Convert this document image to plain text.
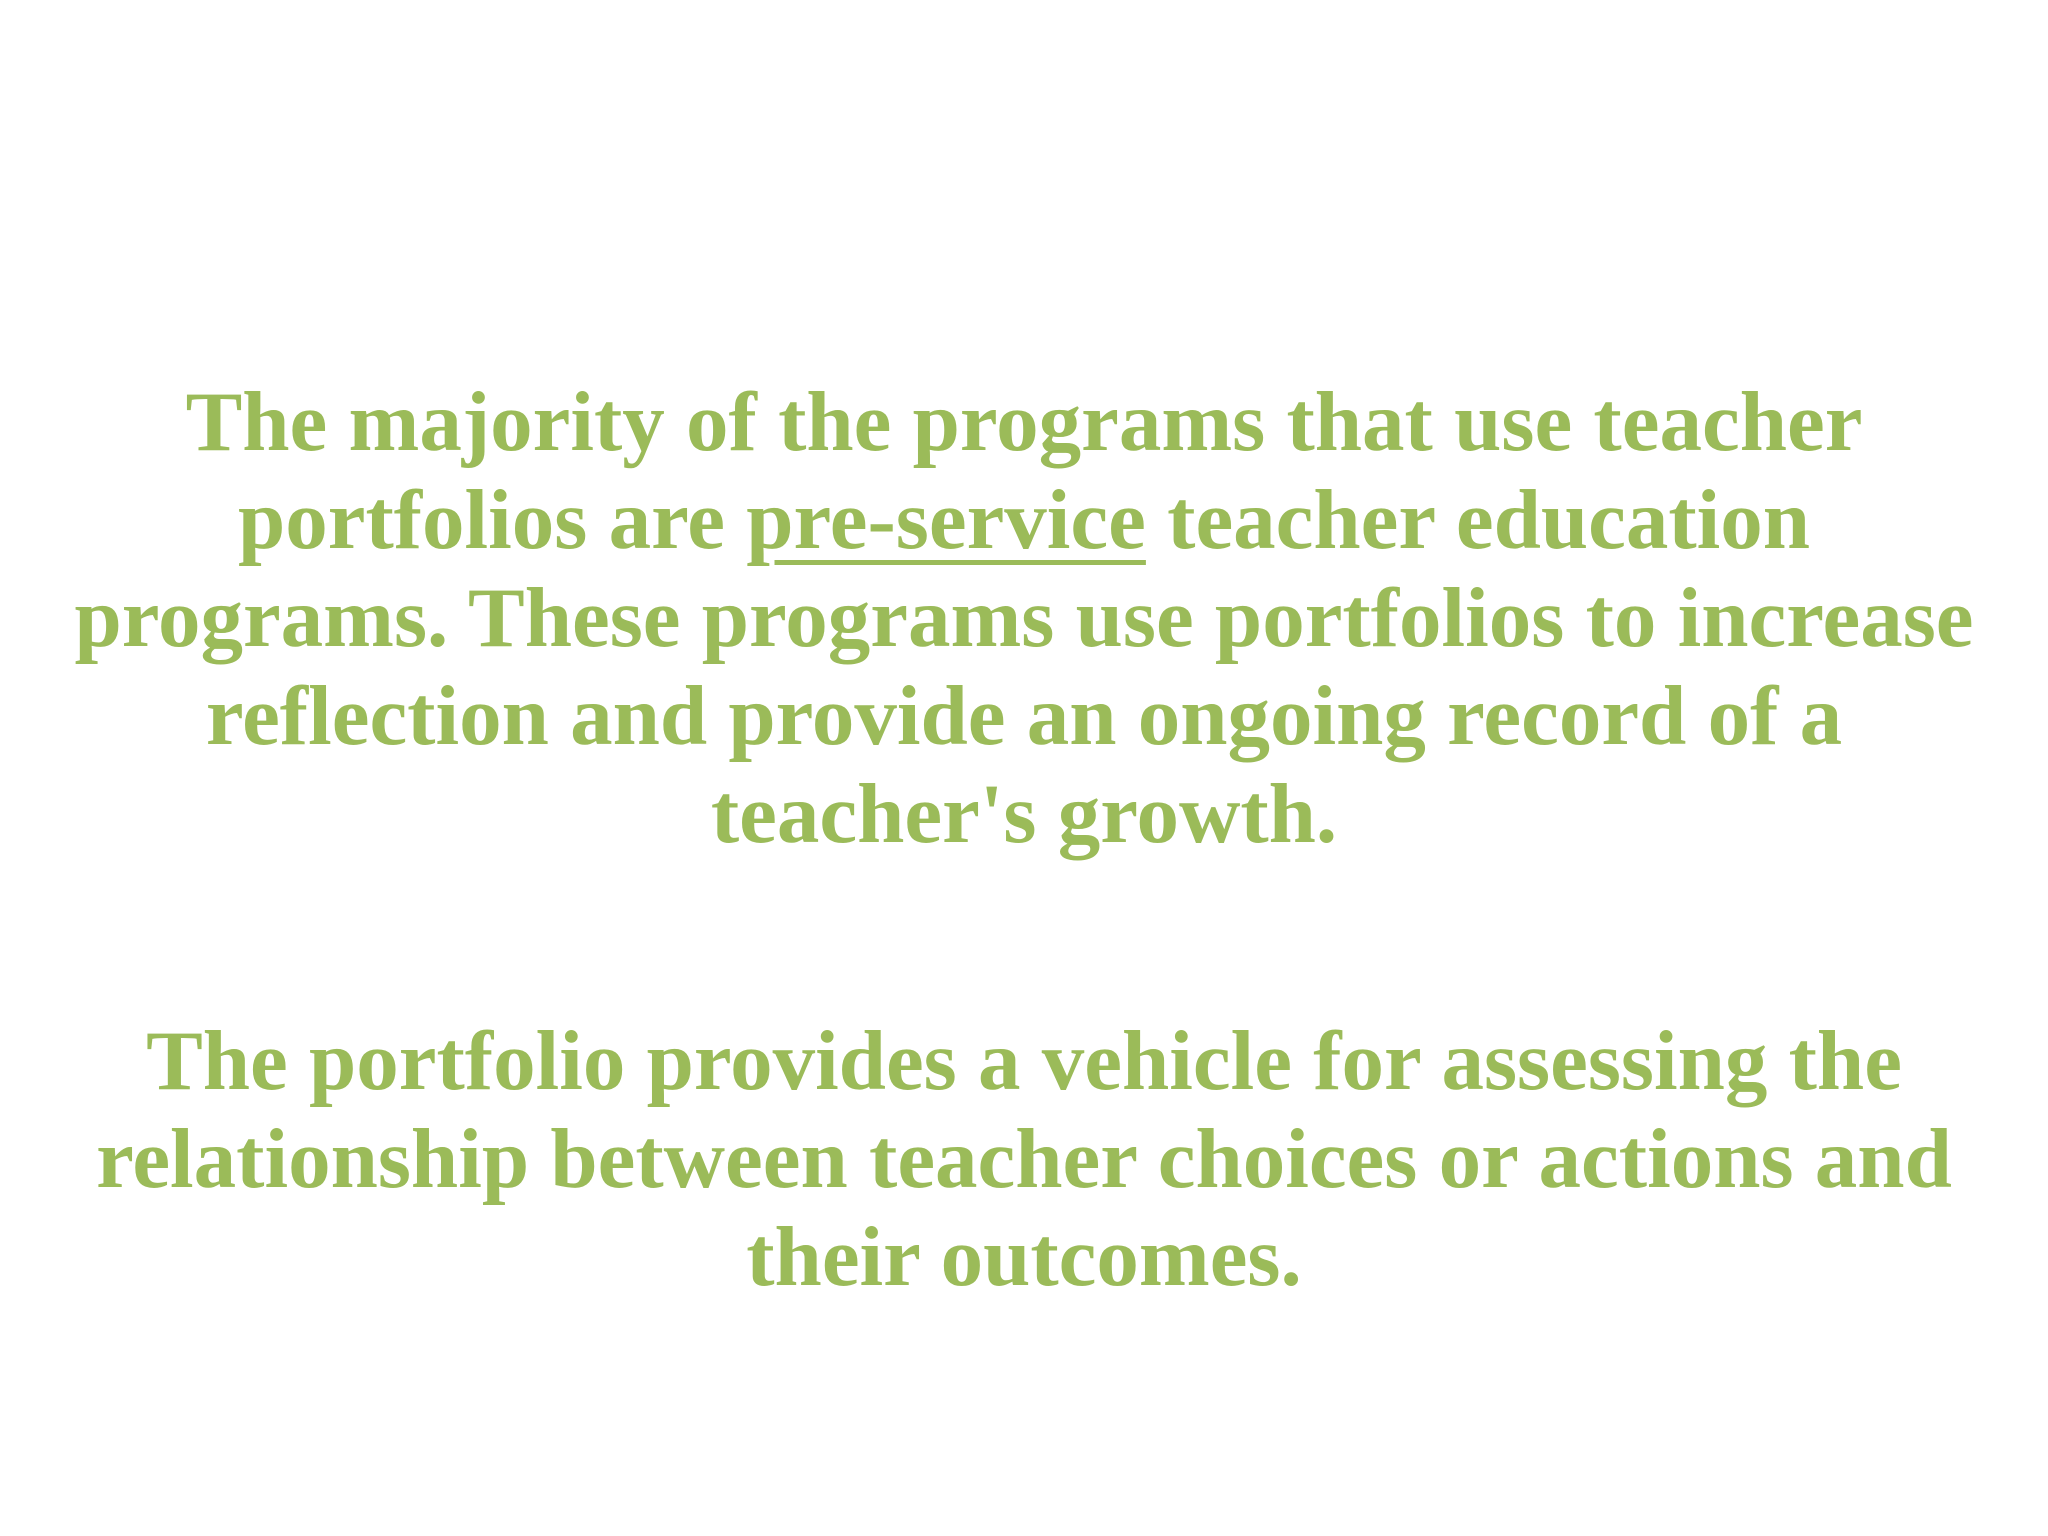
The majority of the programs that use teacher portfolios are pre-service teacher education programs. These programs use portfolios to increase reflection and provide an ongoing record of a teacher's growth.

The portfolio provides a vehicle for assessing the relationship between teacher choices or actions and their outcomes.
